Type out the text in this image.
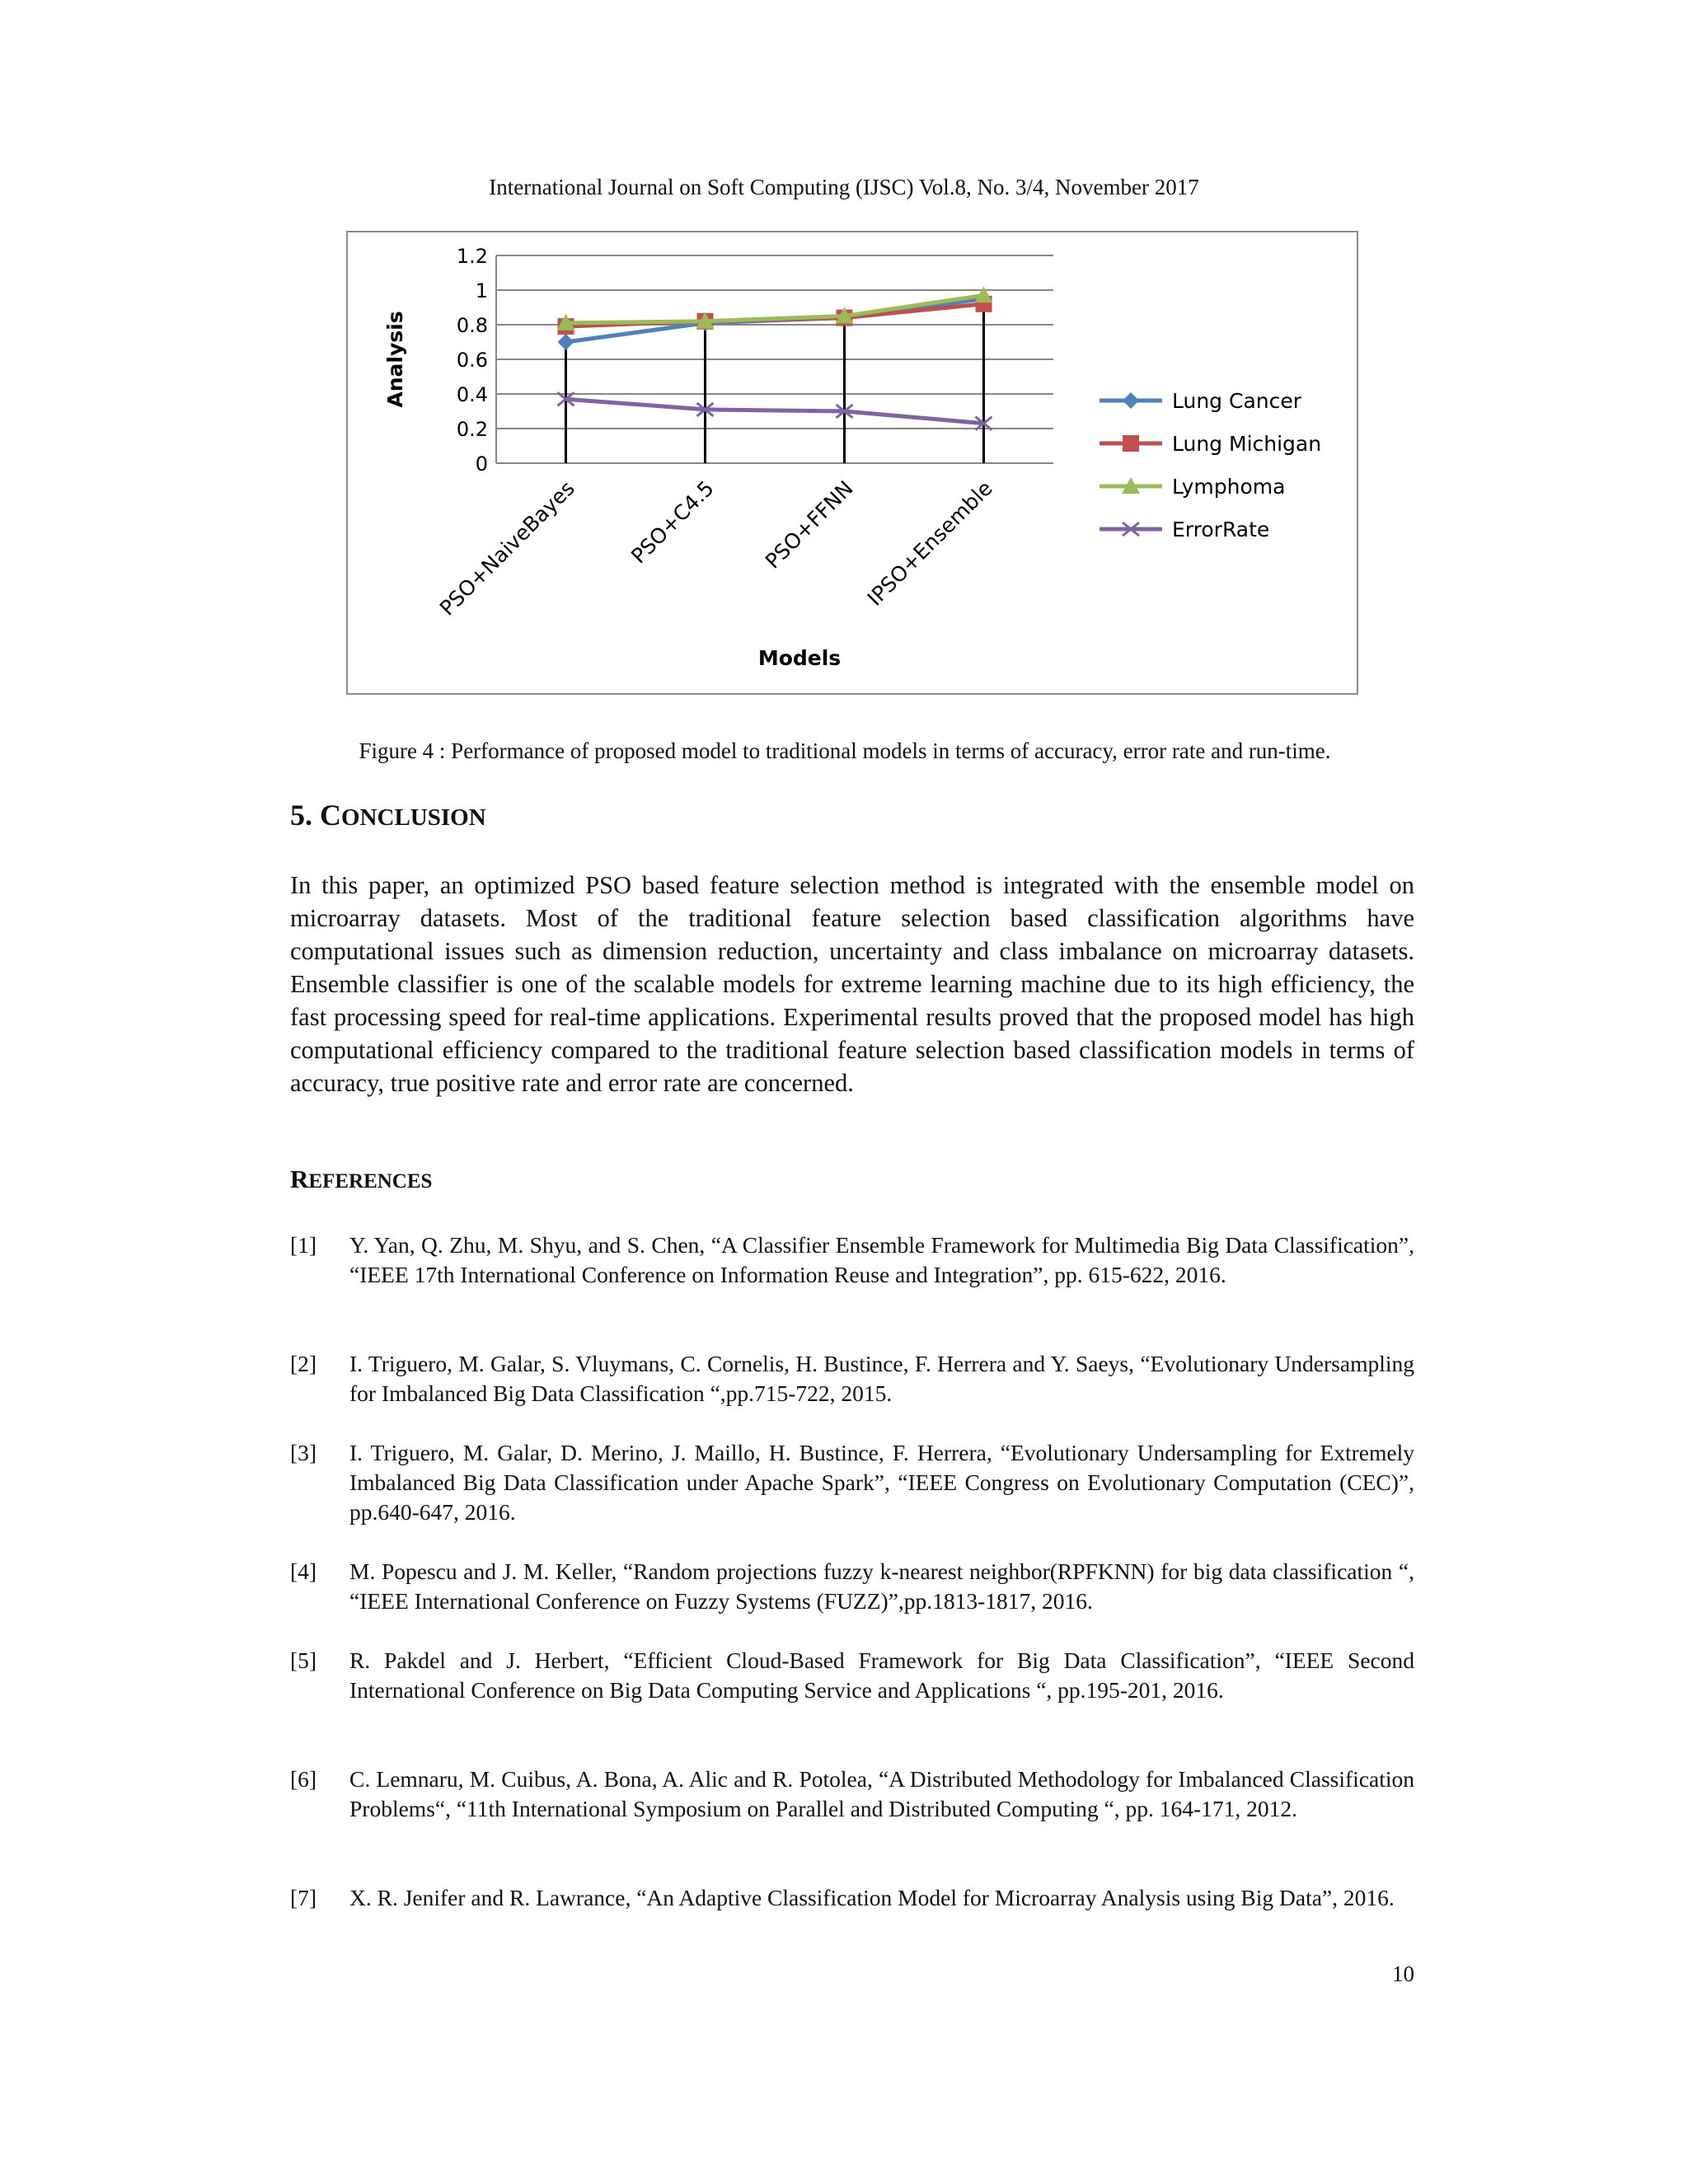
International Journal on Soft Computing (IJSC) Vol.8, No. 3/4, November 2017
0
0.2
0.4
0.6
0.8
1
1.2
PSO+NaiveBayes PSO+C4.5 PSO+FFNN IPSO+Ensemble
Analysis
Models
Lung Cancer
Lung Michigan
Lymphoma
ErrorRate
Figure 4 : Performance of proposed model to traditional models in terms of accuracy, error rate and run-time.
5. CONCLUSION
In this paper, an optimized PSO based feature selection method is integrated with the ensemble model on microarray datasets. Most of the traditional feature selection based classification algorithms have computational issues such as dimension reduction, uncertainty and class imbalance on microarray datasets. Ensemble classifier is one of the scalable models for extreme learning machine due to its high efficiency, the fast processing speed for real-time applications. Experimental results proved that the proposed model has high computational efficiency compared to the traditional feature selection based classification models in terms of accuracy, true positive rate and error rate are concerned.
REFERENCES
[1] Y. Yan, Q. Zhu, M. Shyu, and S. Chen, “A Classifier Ensemble Framework for Multimedia Big Data Classification”, “IEEE 17th International Conference on Information Reuse and Integration”, pp. 615-622, 2016.
[2] I. Triguero, M. Galar, S. Vluymans, C. Cornelis, H. Bustince, F. Herrera and Y. Saeys, “Evolutionary Undersampling for Imbalanced Big Data Classification “,pp.715-722, 2015.
[3] I. Triguero, M. Galar, D. Merino, J. Maillo, H. Bustince, F. Herrera, “Evolutionary Undersampling for Extremely Imbalanced Big Data Classification under Apache Spark”, “IEEE Congress on Evolutionary Computation (CEC)”, pp.640-647, 2016.
[4] M. Popescu and J. M. Keller, “Random projections fuzzy k-nearest neighbor(RPFKNN) for big data classification “, “IEEE International Conference on Fuzzy Systems (FUZZ)”,pp.1813-1817, 2016.
[5] R. Pakdel and J. Herbert, “Efficient Cloud-Based Framework for Big Data Classification”, “IEEE Second International Conference on Big Data Computing Service and Applications “, pp.195-201, 2016.
[6] C. Lemnaru, M. Cuibus, A. Bona, A. Alic and R. Potolea, “A Distributed Methodology for Imbalanced Classification Problems“, “11th International Symposium on Parallel and Distributed Computing “, pp. 164-171, 2012.
[7] X. R. Jenifer and R. Lawrance, “An Adaptive Classification Model for Microarray Analysis using Big Data”, 2016.
10
